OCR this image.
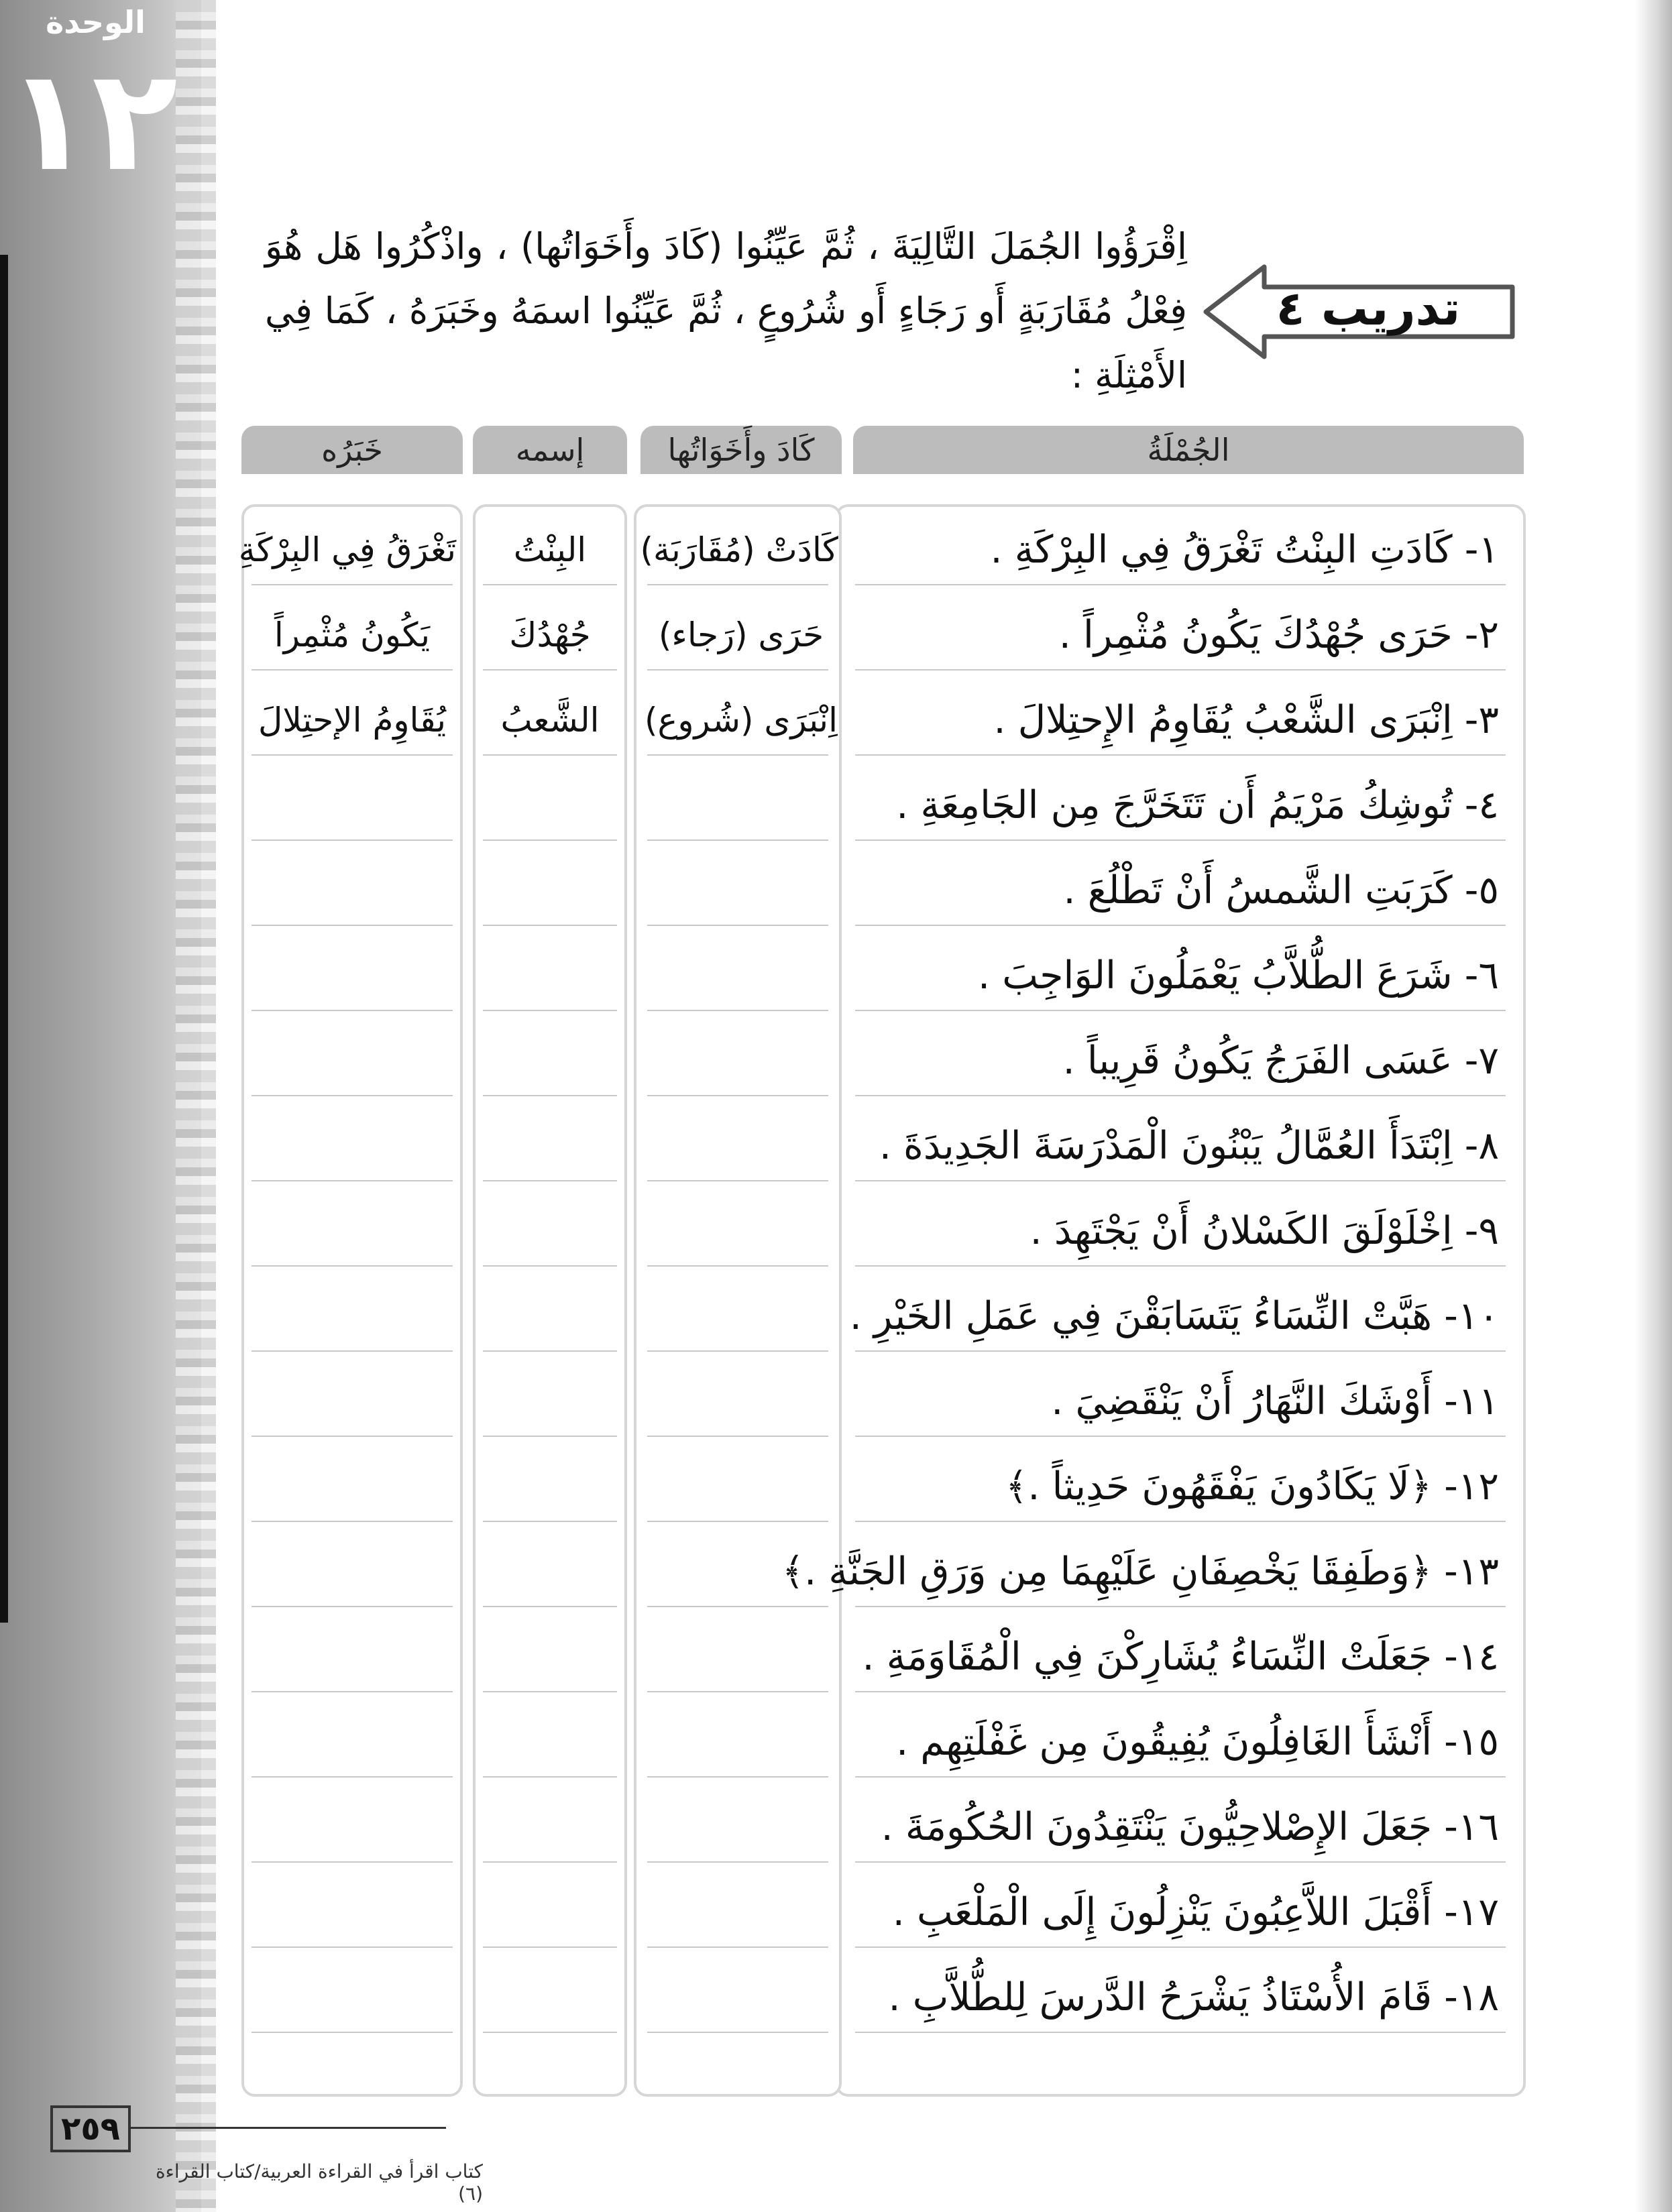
الوحدة
١٢
تدريب ٤
اِقْرَؤُوا الجُمَلَ التَّالِيَةَ ، ثُمَّ عَيِّنُوا (كَادَ وأَخَوَاتُها) ، واذْكُرُوا هَل هُوَ فِعْلُ مُقَارَبَةٍ أَو رَجَاءٍ أَو شُرُوعٍ ، ثُمَّ عَيِّنُوا اسمَهُ وخَبَرَهُ ، كَمَا فِي الأَمْثِلَةِ :
الجُمْلَةُ
كَادَ وأَخَوَاتُها
إسمه
خَبَرُه
١- كَادَتِ البِنْتُ تَغْرَقُ فِي البِرْكَةِ .
٢- حَرَى جُهْدُكَ يَكُونُ مُثْمِراً .
٣- اِنْبَرَى الشَّعْبُ يُقَاوِمُ الإِحتِلالَ .
٤- تُوشِكُ مَرْيَمُ أَن تَتَخَرَّجَ مِن الجَامِعَةِ .
٥- كَرَبَتِ الشَّمسُ أَنْ تَطْلُعَ .
٦- شَرَعَ الطُّلاَّبُ يَعْمَلُونَ الوَاجِبَ .
٧- عَسَى الفَرَجُ يَكُونُ قَرِيباً .
٨- اِبْتَدَأَ العُمَّالُ يَبْنُونَ الْمَدْرَسَةَ الجَدِيدَةَ .
٩- اِخْلَوْلَقَ الكَسْلانُ أَنْ يَجْتَهِدَ .
١٠- هَبَّتْ النِّسَاءُ يَتَسَابَقْنَ فِي عَمَلِ الخَيْرِ .
١١- أَوْشَكَ النَّهَارُ أَنْ يَنْقَضِيَ .
١٢- ﴿لَا يَكَادُونَ يَفْقَهُونَ حَدِيثاً .﴾
١٣- ﴿وَطَفِقَا يَخْصِفَانِ عَلَيْهِمَا مِن وَرَقِ الجَنَّةِ .﴾
١٤- جَعَلَتْ النِّسَاءُ يُشَارِكْنَ فِي الْمُقَاوَمَةِ .
١٥- أَنْشَأَ الغَافِلُونَ يُفِيقُونَ مِن غَفْلَتِهِم .
١٦- جَعَلَ الإِصْلاحِيُّونَ يَنْتَقِدُونَ الحُكُومَةَ .
١٧- أَقْبَلَ اللاَّعِبُونَ يَنْزِلُونَ إِلَى الْمَلْعَبِ .
١٨- قَامَ الأُسْتَاذُ يَشْرَحُ الدَّرسَ لِلطُّلاَّبِ .
كَادَتْ (مُقَارَبَة)
حَرَى (رَجاء)
اِنْبَرَى (شُروع)
البِنْتُ
جُهْدُكَ
الشَّعبُ
تَغْرَقُ فِي البِرْكَةِ
يَكُونُ مُثْمِراً
يُقَاوِمُ الإحتِلالَ
٢٥٩
كتاب اقرأ في القراءة العربية/كتاب القراءة (٦)
